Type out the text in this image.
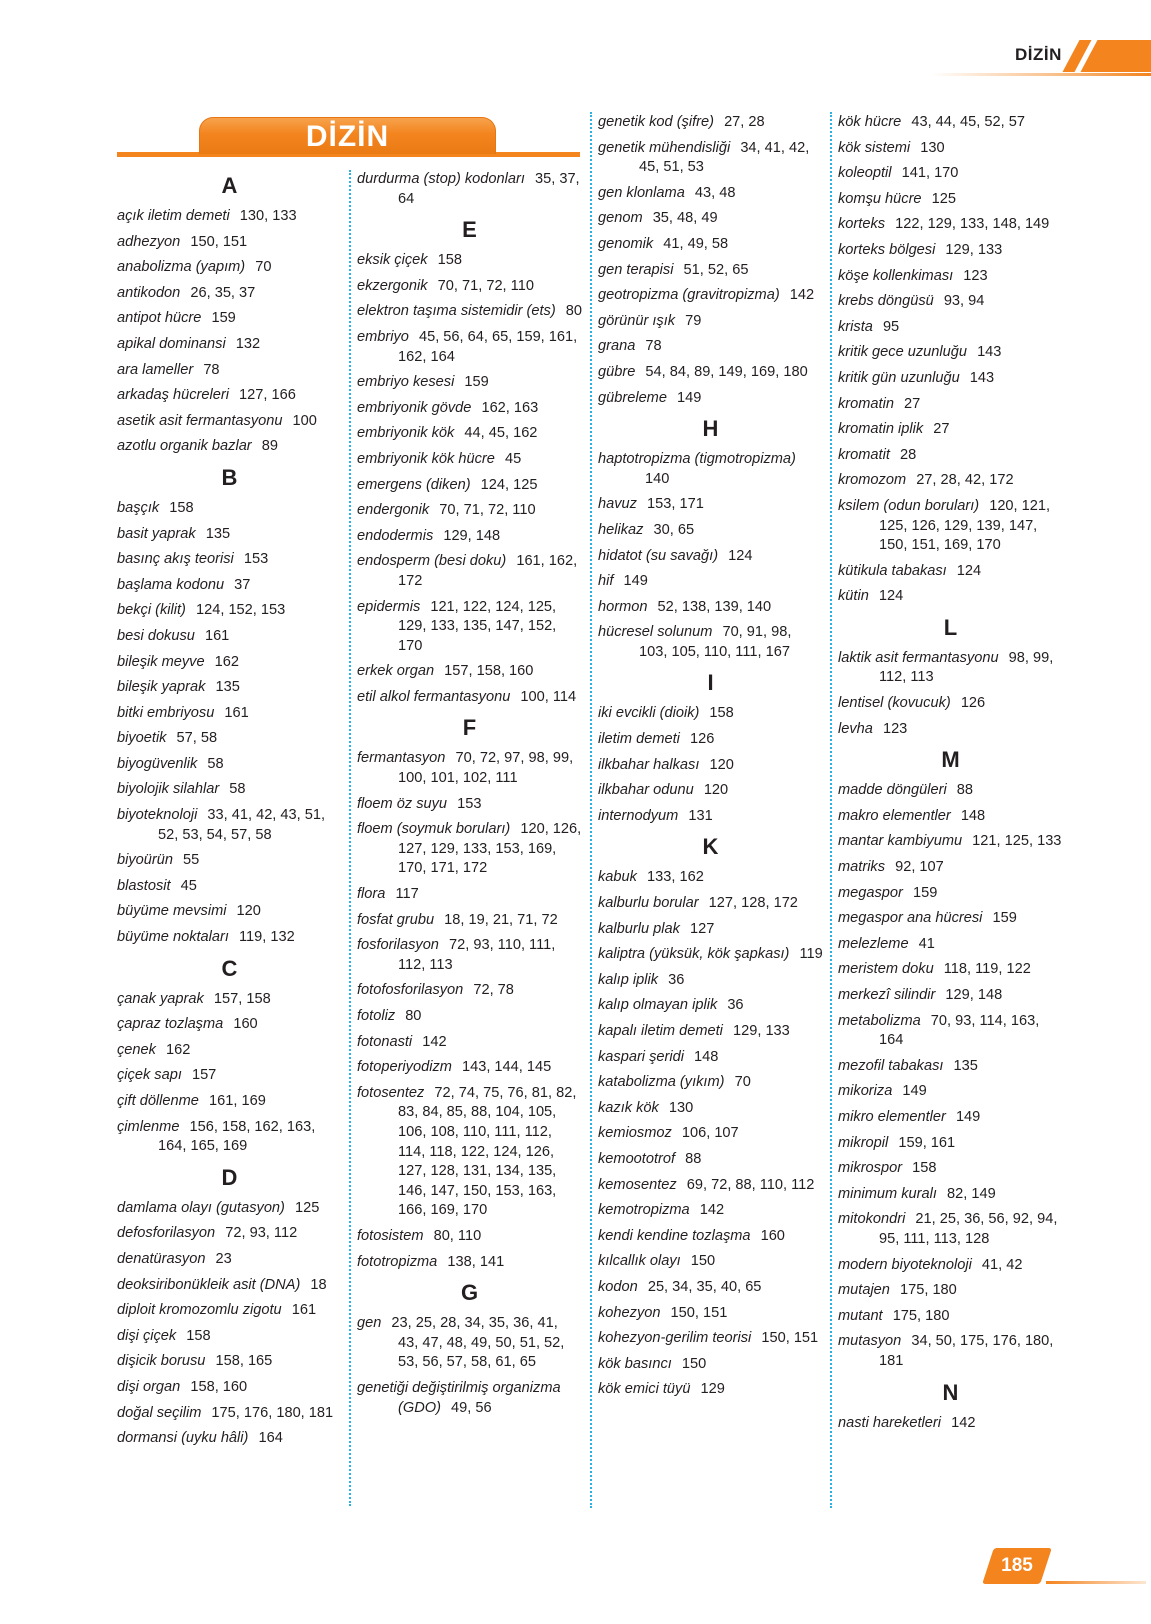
DİZİN
DİZİN
A
açık iletim demeti 130, 133
adhezyon 150, 151
anabolizma (yapım) 70
antikodon 26, 35, 37
antipot hücre 159
apikal dominansi 132
ara lameller 78
arkadaş hücreleri 127, 166
asetik asit fermantasyonu 100
azotlu organik bazlar 89
B
başçık 158
basit yaprak 135
basınç akış teorisi 153
başlama kodonu 37
bekçi (kilit) 124, 152, 153
besi dokusu 161
bileşik meyve 162
bileşik yaprak 135
bitki embriyosu 161
biyoetik 57, 58
biyogüvenlik 58
biyolojik silahlar 58
biyoteknoloji 33, 41, 42, 43, 51, 52, 53, 54, 57, 58
biyoürün 55
blastosit 45
büyüme mevsimi 120
büyüme noktaları 119, 132
C
çanak yaprak 157, 158
çapraz tozlaşma 160
çenek 162
çiçek sapı 157
çift döllenme 161, 169
çimlenme 156, 158, 162, 163, 164, 165, 169
D
damlama olayı (gutasyon) 125
defosforilasyon 72, 93, 112
denatürasyon 23
deoksiribonükleik asit (DNA) 18
diploit kromozomlu zigotu 161
dişi çiçek 158
dişicik borusu 158, 165
dişi organ 158, 160
doğal seçilim 175, 176, 180, 181
dormansi (uyku hâli) 164
durdurma (stop) kodonları 35, 37, 64
E
eksik çiçek 158
ekzergonik 70, 71, 72, 110
elektron taşıma sistemidir (ets) 80
embriyo 45, 56, 64, 65, 159, 161, 162, 164
embriyo kesesi 159
embriyonik gövde 162, 163
embriyonik kök 44, 45, 162
embriyonik kök hücre 45
emergens (diken) 124, 125
endergonik 70, 71, 72, 110
endodermis 129, 148
endosperm (besi doku) 161, 162, 172
epidermis 121, 122, 124, 125, 129, 133, 135, 147, 152, 170
erkek organ 157, 158, 160
etil alkol fermantasyonu 100, 114
F
fermantasyon 70, 72, 97, 98, 99, 100, 101, 102, 111
floem öz suyu 153
floem (soymuk boruları) 120, 126, 127, 129, 133, 153, 169, 170, 171, 172
flora 117
fosfat grubu 18, 19, 21, 71, 72
fosforilasyon 72, 93, 110, 111, 112, 113
fotofosforilasyon 72, 78
fotoliz 80
fotonasti 142
fotoperiyodizm 143, 144, 145
fotosentez 72, 74, 75, 76, 81, 82, 83, 84, 85, 88, 104, 105, 106, 108, 110, 111, 112, 114, 118, 122, 124, 126, 127, 128, 131, 134, 135, 146, 147, 150, 153, 163, 166, 169, 170
fotosistem 80, 110
fototropizma 138, 141
G
gen 23, 25, 28, 34, 35, 36, 41, 43, 47, 48, 49, 50, 51, 52, 53, 56, 57, 58, 61, 65
genetiği değiştirilmiş organizma (GDO) 49, 56
genetik kod (şifre) 27, 28
genetik mühendisliği 34, 41, 42, 45, 51, 53
gen klonlama 43, 48
genom 35, 48, 49
genomik 41, 49, 58
gen terapisi 51, 52, 65
geotropizma (gravitropizma) 142
görünür ışık 79
grana 78
gübre 54, 84, 89, 149, 169, 180
gübreleme 149
H
haptotropizma (tigmotropizma) 140
havuz 153, 171
helikaz 30, 65
hidatot (su savağı) 124
hif 149
hormon 52, 138, 139, 140
hücresel solunum 70, 91, 98, 103, 105, 110, 111, 167
I
iki evcikli (dioik) 158
iletim demeti 126
ilkbahar halkası 120
ilkbahar odunu 120
internodyum 131
K
kabuk 133, 162
kalburlu borular 127, 128, 172
kalburlu plak 127
kaliptra (yüksük, kök şapkası) 119
kalıp iplik 36
kalıp olmayan iplik 36
kapalı iletim demeti 129, 133
kaspari şeridi 148
katabolizma (yıkım) 70
kazık kök 130
kemiosmoz 106, 107
kemoototrof 88
kemosentez 69, 72, 88, 110, 112
kemotropizma 142
kendi kendine tozlaşma 160
kılcallık olayı 150
kodon 25, 34, 35, 40, 65
kohezyon 150, 151
kohezyon-gerilim teorisi 150, 151
kök basıncı 150
kök emici tüyü 129
kök hücre 43, 44, 45, 52, 57
kök sistemi 130
koleoptil 141, 170
komşu hücre 125
korteks 122, 129, 133, 148, 149
korteks bölgesi 129, 133
köşe kollenkiması 123
krebs döngüsü 93, 94
krista 95
kritik gece uzunluğu 143
kritik gün uzunluğu 143
kromatin 27
kromatin iplik 27
kromatit 28
kromozom 27, 28, 42, 172
ksilem (odun boruları) 120, 121, 125, 126, 129, 139, 147, 150, 151, 169, 170
kütikula tabakası 124
kütin 124
L
laktik asit fermantasyonu 98, 99, 112, 113
lentisel (kovucuk) 126
levha 123
M
madde döngüleri 88
makro elementler 148
mantar kambiyumu 121, 125, 133
matriks 92, 107
megaspor 159
megaspor ana hücresi 159
melezleme 41
meristem doku 118, 119, 122
merkezî silindir 129, 148
metabolizma 70, 93, 114, 163, 164
mezofil tabakası 135
mikoriza 149
mikro elementler 149
mikropil 159, 161
mikrospor 158
minimum kuralı 82, 149
mitokondri 21, 25, 36, 56, 92, 94, 95, 111, 113, 128
modern biyoteknoloji 41, 42
mutajen 175, 180
mutant 175, 180
mutasyon 34, 50, 175, 176, 180, 181
N
nasti hareketleri 142
185
